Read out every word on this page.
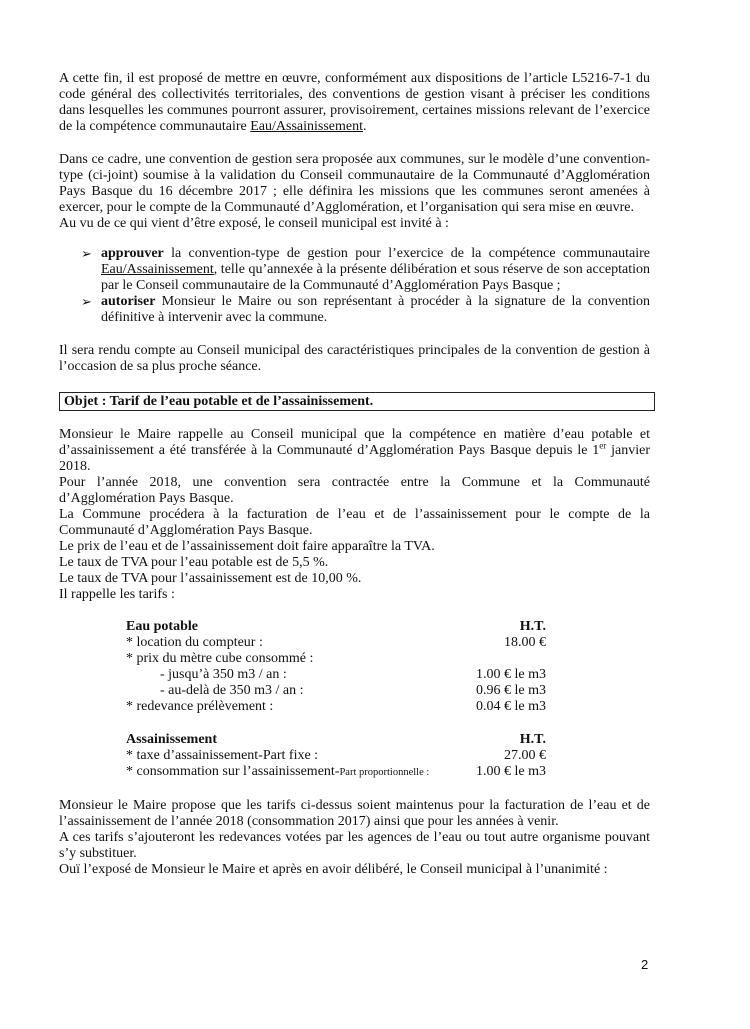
A cette fin, il est proposé de mettre en œuvre, conformément aux dispositions de l’article L5216-7-1 du code général des collectivités territoriales, des conventions de gestion visant à préciser les conditions dans lesquelles les communes pourront assurer, provisoirement, certaines missions relevant de l’exercice de la compétence communautaire Eau/Assainissement.

Dans ce cadre, une convention de gestion sera proposée aux communes, sur le modèle d’une convention-type (ci-joint) soumise à la validation du Conseil communautaire de la Communauté d’Agglomération Pays Basque du 16 décembre 2017 ; elle définira les missions que les communes seront amenées à exercer, pour le compte de la Communauté d’Agglomération, et l’organisation qui sera mise en œuvre.

Au vu de ce qui vient d’être exposé, le conseil municipal est invité à :

➢ approuver la convention-type de gestion pour l’exercice de la compétence communautaire Eau/Assainissement, telle qu’annexée à la présente délibération et sous réserve de son acceptation par le Conseil communautaire de la Communauté d’Agglomération Pays Basque ;
➢ autoriser Monsieur le Maire ou son représentant à procéder à la signature de la convention définitive à intervenir avec la commune.

Il sera rendu compte au Conseil municipal des caractéristiques principales de la convention de gestion à l’occasion de sa plus proche séance.

Objet : Tarif de l’eau potable et de l’assainissement.

Monsieur le Maire rappelle au Conseil municipal que la compétence en matière d’eau potable et d’assainissement a été transférée à la Communauté d’Agglomération Pays Basque depuis le 1er janvier 2018.

Pour l’année 2018, une convention sera contractée entre la Commune et la Communauté d’Agglomération Pays Basque.

La Commune procédera à la facturation de l’eau et de l’assainissement pour le compte de la Communauté d’Agglomération Pays Basque.

Le prix de l’eau et de l’assainissement doit faire apparaître la TVA.

Le taux de TVA pour l’eau potable est de 5,5 %.

Le taux de TVA pour l’assainissement est de 10,00 %.

Il rappelle les tarifs :

Eau potable	H.T.
* location du compteur :	18.00 €
* prix du mètre cube consommé :
- jusqu’à 350 m3 / an :	1.00 € le m3
- au-delà de 350 m3 / an :	0.96 € le m3
* redevance prélèvement :	0.04 € le m3
Assainissement	H.T.
* taxe d’assainissement-Part fixe :	27.00 €
* consommation sur l’assainissement-Part proportionnelle :	1.00 € le m3

Monsieur le Maire propose que les tarifs ci-dessus soient maintenus pour la facturation de l’eau et de l’assainissement de l’année 2018 (consommation 2017) ainsi que pour les années à venir.

A ces tarifs s’ajouteront les redevances votées par les agences de l’eau ou tout autre organisme pouvant s’y substituer.

Ouï l’exposé de Monsieur le Maire et après en avoir délibéré, le Conseil municipal à l’unanimité :

2
